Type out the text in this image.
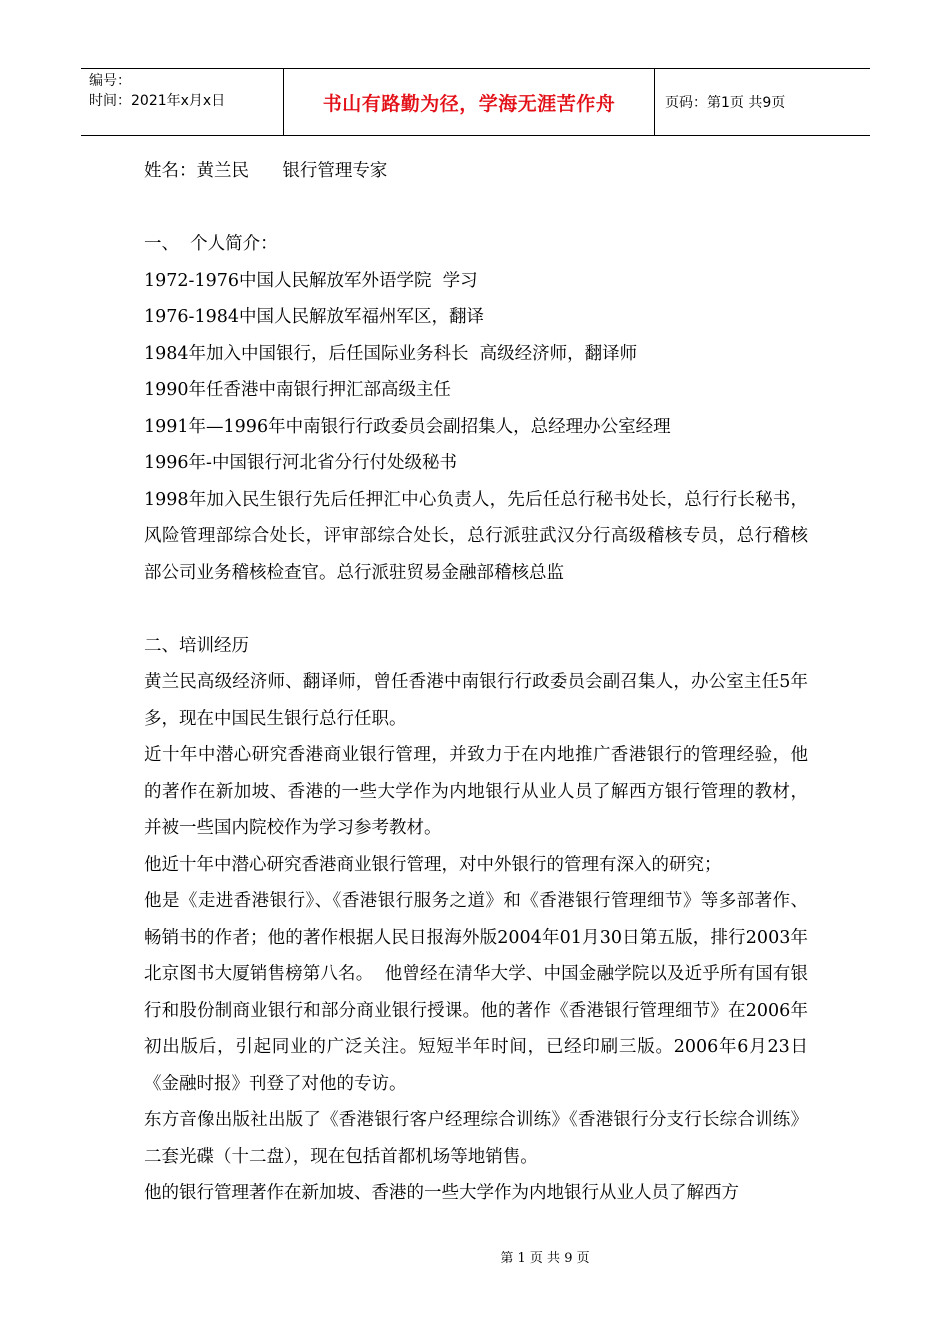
编号：
时间：2021年x月x日	书山有路勤为径，学海无涯苦作舟	页码：第1页 共9页

姓名：黄兰民      银行管理专家

一、  个人简介：

1972-1976中国人民解放军外语学院  学习

1976-1984中国人民解放军福州军区，翻译

1984年加入中国银行，后任国际业务科长  高级经济师，翻译师

1990年任香港中南银行押汇部高级主任

1991年—1996年中南银行行政委员会副招集人，总经理办公室经理

1996年-中国银行河北省分行付处级秘书

1998年加入民生银行先后任押汇中心负责人，先后任总行秘书处长，总行行长秘书，风险管理部综合处长，评审部综合处长，总行派驻武汉分行高级稽核专员，总行稽核部公司业务稽核检查官。总行派驻贸易金融部稽核总监

二、培训经历

黄兰民高级经济师、翻译师，曾任香港中南银行行政委员会副召集人，办公室主任5年多，现在中国民生银行总行任职。

近十年中潜心研究香港商业银行管理，并致力于在内地推广香港银行的管理经验，他的著作在新加坡、香港的一些大学作为内地银行从业人员了解西方银行管理的教材，并被一些国内院校作为学习参考教材。

他近十年中潜心研究香港商业银行管理，对中外银行的管理有深入的研究；

他是《走进香港银行》、《香港银行服务之道》和《香港银行管理细节》等多部著作、畅销书的作者；他的著作根据人民日报海外版2004年01月30日第五版，排行2003年北京图书大厦销售榜第八名。  他曾经在清华大学、中国金融学院以及近乎所有国有银行和股份制商业银行和部分商业银行授课。他的著作《香港银行管理细节》在2006年初出版后，引起同业的广泛关注。短短半年时间，已经印刷三版。2006年6月23日《金融时报》刊登了对他的专访。

东方音像出版社出版了《香港银行客户经理综合训练》《香港银行分支行长综合训练》二套光碟（十二盘），现在包括首都机场等地销售。

他的银行管理著作在新加坡、香港的一些大学作为内地银行从业人员了解西方

第 1 页 共 9 页
